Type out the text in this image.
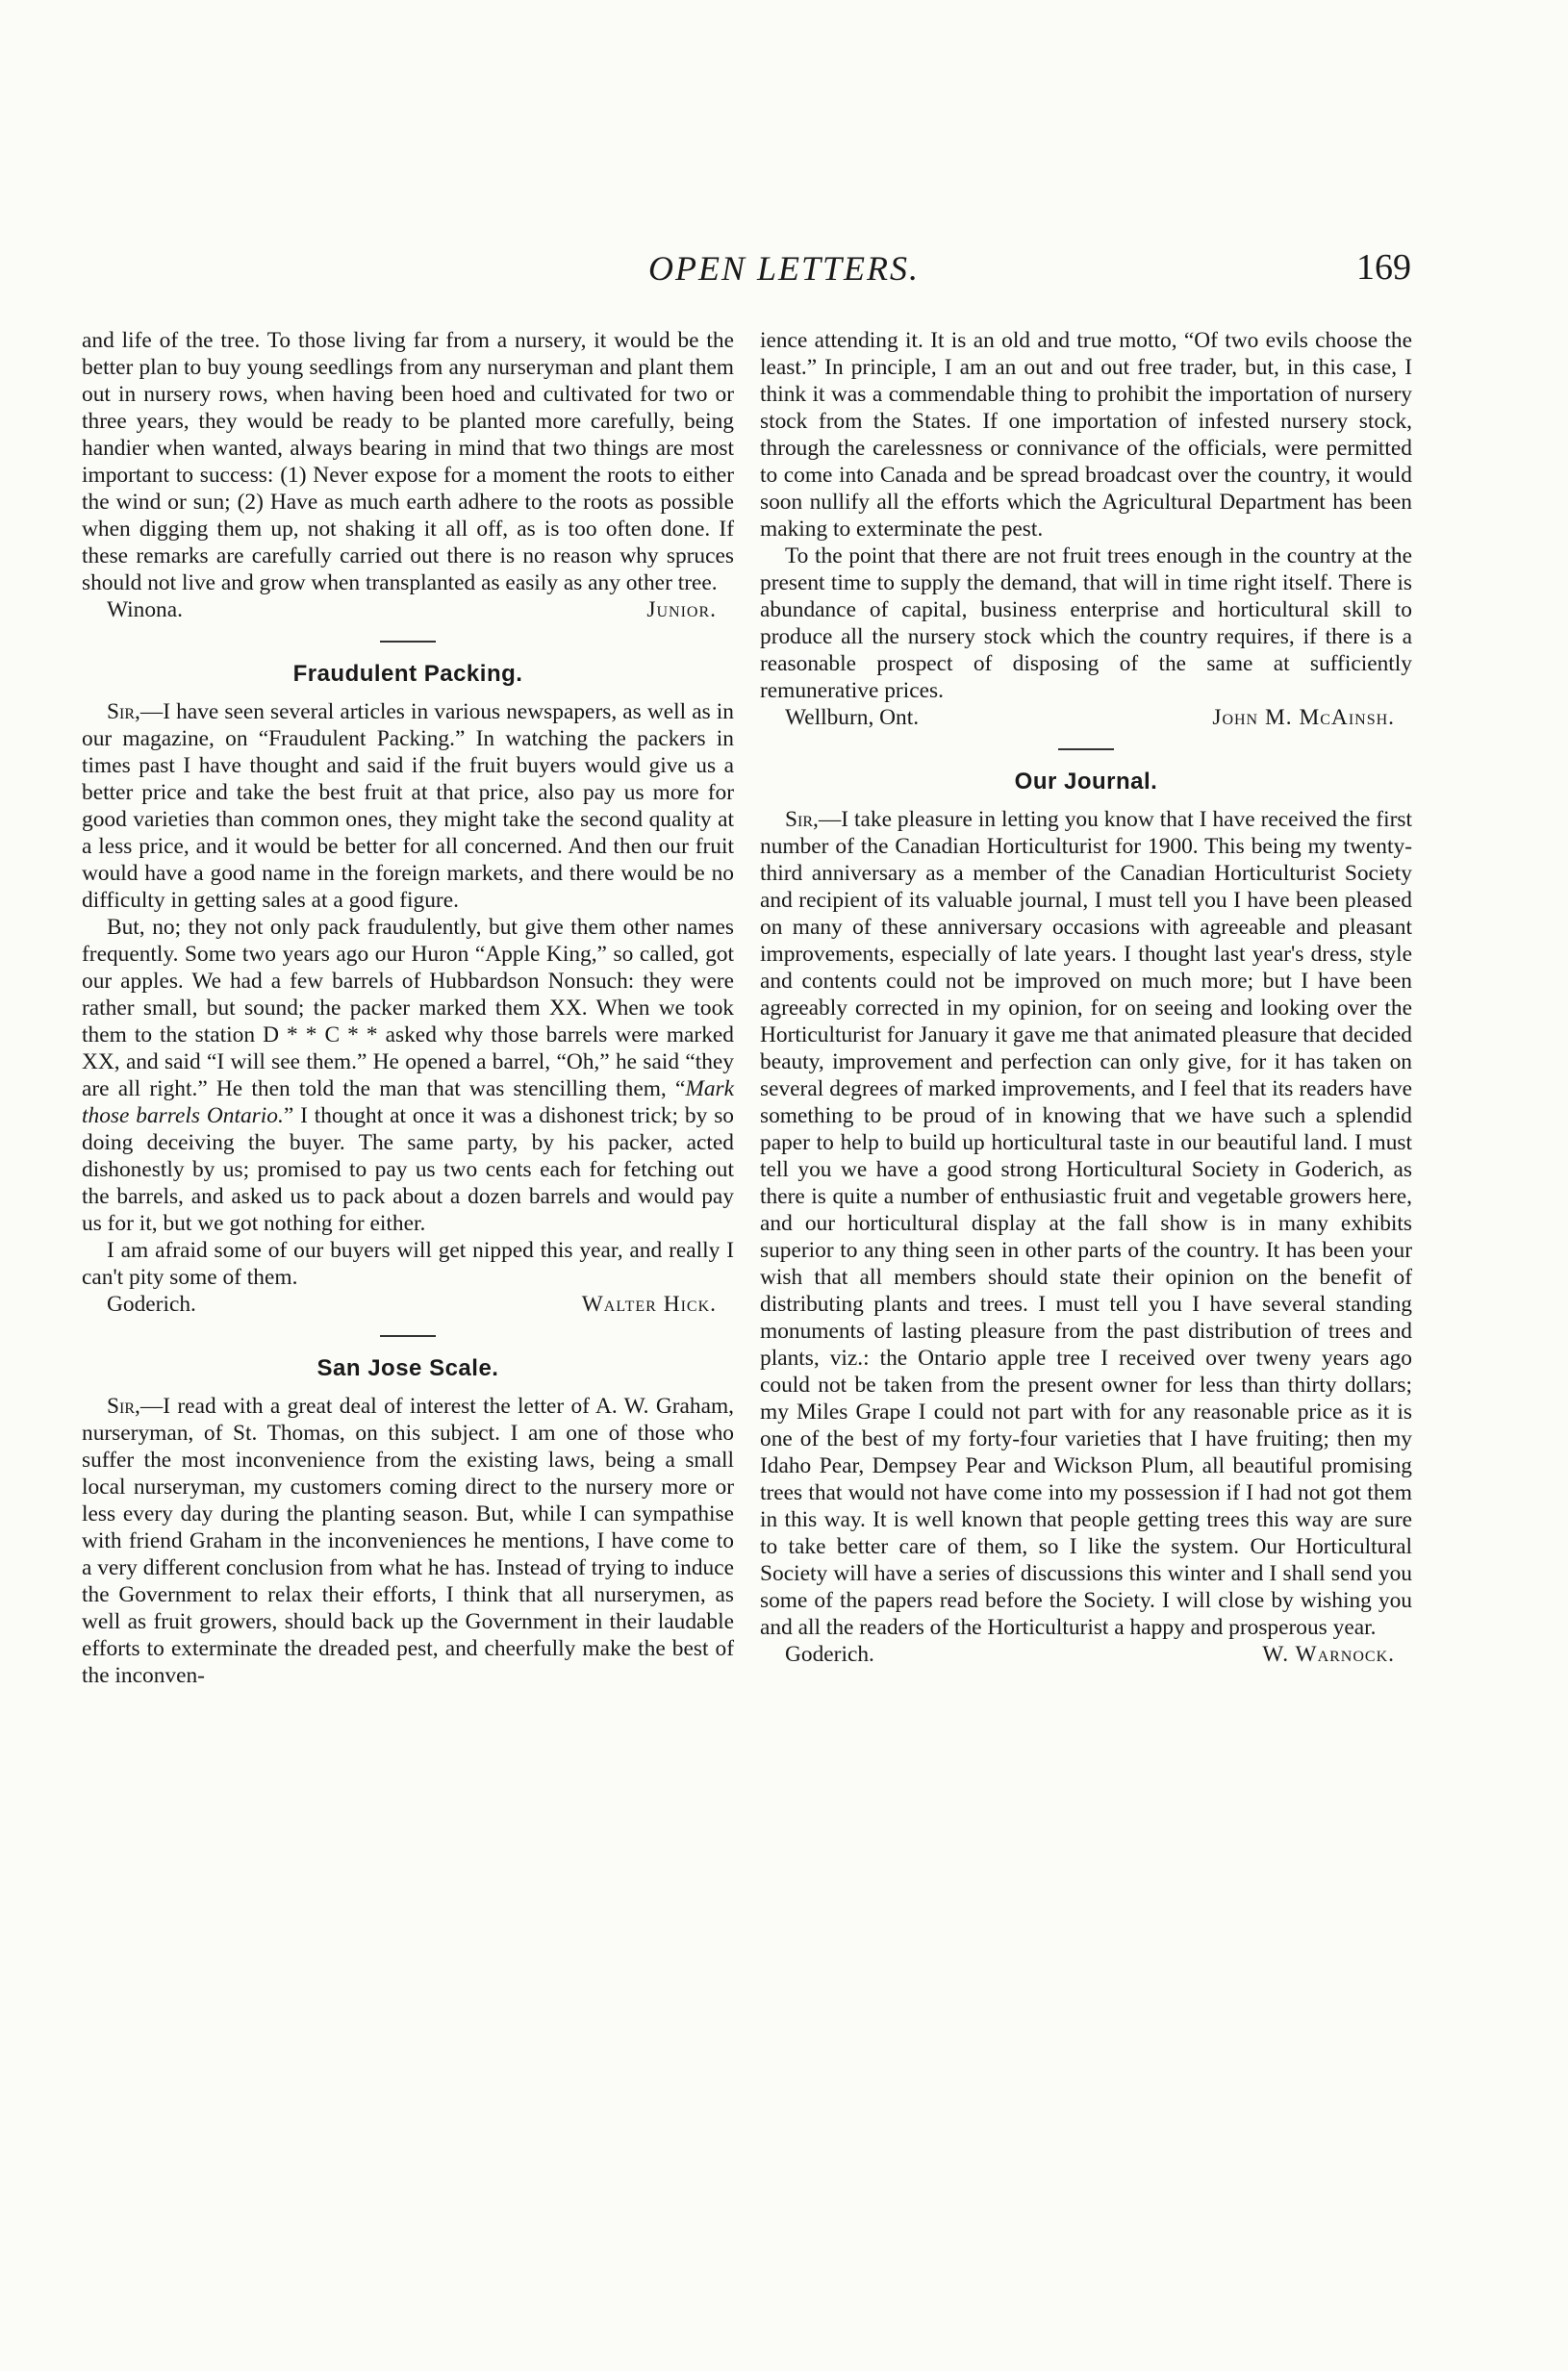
OPEN LETTERS.	169

and life of the tree. To those living far from a nursery, it would be the better plan to buy young seedlings from any nurseryman and plant them out in nursery rows, when having been hoed and cultivated for two or three years, they would be ready to be planted more carefully, being handier when wanted, always bearing in mind that two things are most important to success: (1) Never expose for a moment the roots to either the wind or sun; (2) Have as much earth adhere to the roots as possible when digging them up, not shaking it all off, as is too often done. If these remarks are carefully carried out there is no reason why spruces should not live and grow when transplanted as easily as any other tree.

Winona.	Junior.
Fraudulent Packing.

Sir,—I have seen several articles in various newspapers, as well as in our magazine, on “Fraudulent Packing.” In watching the packers in times past I have thought and said if the fruit buyers would give us a better price and take the best fruit at that price, also pay us more for good varieties than common ones, they might take the second quality at a less price, and it would be better for all concerned. And then our fruit would have a good name in the foreign markets, and there would be no difficulty in getting sales at a good figure.

But, no; they not only pack fraudulently, but give them other names frequently. Some two years ago our Huron “Apple King,” so called, got our apples. We had a few barrels of Hubbardson Nonsuch: they were rather small, but sound; the packer marked them XX. When we took them to the station D * * C * * asked why those barrels were marked XX, and said “I will see them.” He opened a barrel, “Oh,” he said “they are all right.” He then told the man that was stencilling them, “Mark those barrels Ontario.” I thought at once it was a dishonest trick; by so doing deceiving the buyer. The same party, by his packer, acted dishonestly by us; promised to pay us two cents each for fetching out the barrels, and asked us to pack about a dozen barrels and would pay us for it, but we got nothing for either.

I am afraid some of our buyers will get nipped this year, and really I can't pity some of them.

Goderich.	Walter Hick.
San Jose Scale.

Sir,—I read with a great deal of interest the letter of A. W. Graham, nurseryman, of St. Thomas, on this subject. I am one of those who suffer the most inconvenience from the existing laws, being a small local nurseryman, my customers coming direct to the nursery more or less every day during the planting season. But, while I can sympathise with friend Graham in the inconveniences he mentions, I have come to a very different conclusion from what he has. Instead of trying to induce the Government to relax their efforts, I think that all nurserymen, as well as fruit growers, should back up the Government in their laudable efforts to exterminate the dreaded pest, and cheerfully make the best of the inconven-

ience attending it. It is an old and true motto, “Of two evils choose the least.” In principle, I am an out and out free trader, but, in this case, I think it was a commendable thing to prohibit the importation of nursery stock from the States. If one importation of infested nursery stock, through the carelessness or connivance of the officials, were permitted to come into Canada and be spread broadcast over the country, it would soon nullify all the efforts which the Agricultural Department has been making to exterminate the pest.

To the point that there are not fruit trees enough in the country at the present time to supply the demand, that will in time right itself. There is abundance of capital, business enterprise and horticultural skill to produce all the nursery stock which the country requires, if there is a reasonable prospect of disposing of the same at sufficiently remunerative prices.

Wellburn, Ont.	John M. McAinsh.
Our Journal.

Sir,—I take pleasure in letting you know that I have received the first number of the Canadian Horticulturist for 1900. This being my twenty-third anniversary as a member of the Canadian Horticulturist Society and recipient of its valuable journal, I must tell you I have been pleased on many of these anniversary occasions with agreeable and pleasant improvements, especially of late years. I thought last year's dress, style and contents could not be improved on much more; but I have been agreeably corrected in my opinion, for on seeing and looking over the Horticulturist for January it gave me that animated pleasure that decided beauty, improvement and perfection can only give, for it has taken on several degrees of marked improvements, and I feel that its readers have something to be proud of in knowing that we have such a splendid paper to help to build up horticultural taste in our beautiful land. I must tell you we have a good strong Horticultural Society in Goderich, as there is quite a number of enthusiastic fruit and vegetable growers here, and our horticultural display at the fall show is in many exhibits superior to any thing seen in other parts of the country. It has been your wish that all members should state their opinion on the benefit of distributing plants and trees. I must tell you I have several standing monuments of lasting pleasure from the past distribution of trees and plants, viz.: the Ontario apple tree I received over tweny years ago could not be taken from the present owner for less than thirty dollars; my Miles Grape I could not part with for any reasonable price as it is one of the best of my forty-four varieties that I have fruiting; then my Idaho Pear, Dempsey Pear and Wickson Plum, all beautiful promising trees that would not have come into my possession if I had not got them in this way. It is well known that people getting trees this way are sure to take better care of them, so I like the system. Our Horticultural Society will have a series of discussions this winter and I shall send you some of the papers read before the Society. I will close by wishing you and all the readers of the Horticulturist a happy and prosperous year.

Goderich.	W. Warnock.
